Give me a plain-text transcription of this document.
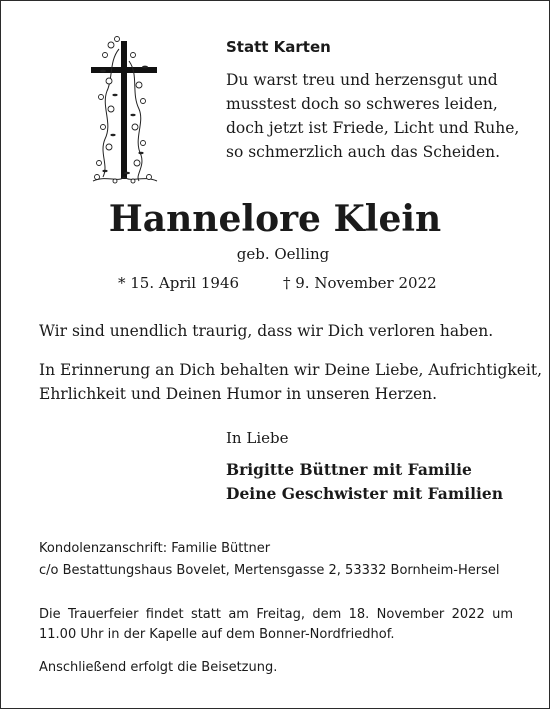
Statt Karten
Du warst treu und herzensgut und
musstest doch so schweres leiden,
doch jetzt ist Friede, Licht und Ruhe,
so schmerzlich auch das Scheiden.
Hannelore Klein
geb. Oelling
* 15. April 1946	† 9. November 2022
Wir sind unendlich traurig, dass wir Dich verloren haben.
In Erinnerung an Dich behalten wir Deine Liebe, Aufrichtigkeit,
Ehrlichkeit und Deinen Humor in unseren Herzen.
In Liebe
Brigitte Büttner mit Familie
Deine Geschwister mit Familien
Kondolenzanschrift: Familie Büttner
c/o Bestattungshaus Bovelet, Mertensgasse 2, 53332 Bornheim-Hersel
Die Trauerfeier findet statt am Freitag, dem 18. November 2022 um
11.00 Uhr in der Kapelle auf dem Bonner-Nordfriedhof.
Anschließend erfolgt die Beisetzung.
